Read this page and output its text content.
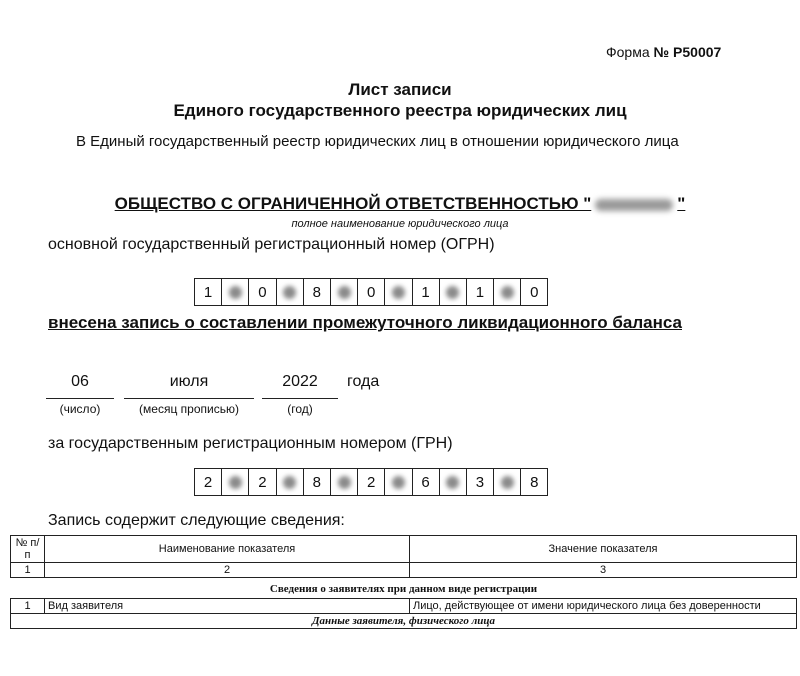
Форма № Р50007
Лист записи
Единого государственного реестра юридических лиц
В Единый государственный реестр юридических лиц в отношении юридического лица
ОБЩЕСТВО С ОГРАНИЧЕННОЙ ОТВЕТСТВЕННОСТЬЮ "	"
полное наименование юридического лица
основной государственный регистрационный номер (ОГРН)
1	0	8	0	1	1	0
внесена запись о составлении промежуточного ликвидационного баланса
06	июля	2022	года
(число)	(месяц прописью)	(год)
за государственным регистрационным номером (ГРН)
2	2	8	2	6	3	8
Запись содержит следующие сведения:
№ п/п	Наименование показателя	Значение показателя
1	2	3
Сведения о заявителях при данном виде регистрации		
1	Вид заявителя	Лицо, действующее от имени юридического лица без доверенности
Данные заявителя, физического лица		
